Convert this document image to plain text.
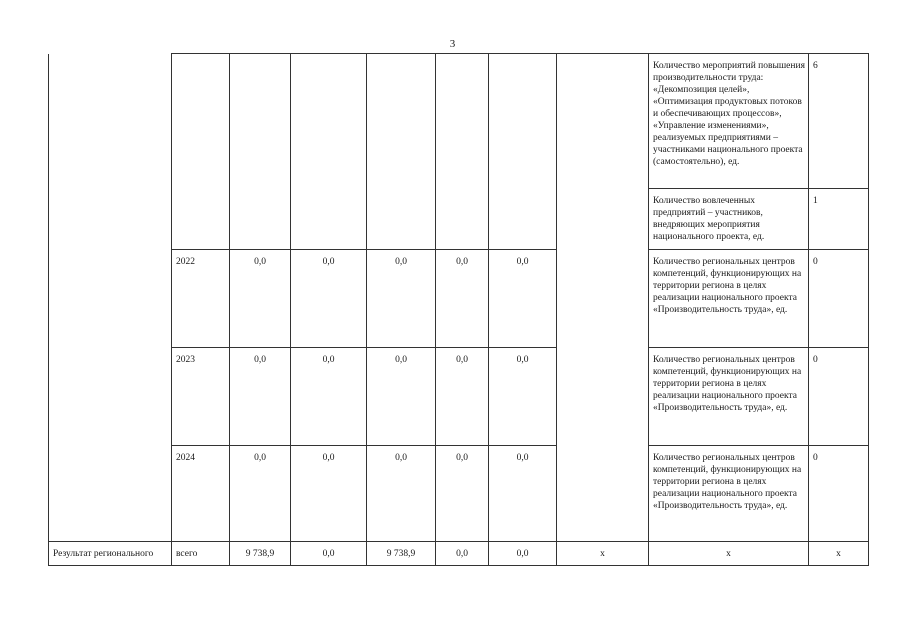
3
								Количество мероприятий повышения производительности труда: «Декомпозиция целей», «Оптимизация продуктовых потоков и обеспечивающих процессов», «Управление изменениями», реализуемых предприятиями – участниками национального проекта (самостоятельно), ед.	6
								Количество вовлеченных предприятий – участников, внедряющих мероприятия национального проекта, ед.	1
	2022	0,0	0,0	0,0	0,0	0,0		Количество региональных центров компетенций, функционирующих на территории региона в целях реализации национального проекта «Производительность труда», ед.	0
	2023	0,0	0,0	0,0	0,0	0,0		Количество региональных центров компетенций, функционирующих на территории региона в целях реализации национального проекта «Производительность труда», ед.	0
	2024	0,0	0,0	0,0	0,0	0,0		Количество региональных центров компетенций, функционирующих на территории региона в целях реализации национального проекта «Производительность труда», ед.	0
Результат регионального	всего	9 738,9	0,0	9 738,9	0,0	0,0	x	x	x
